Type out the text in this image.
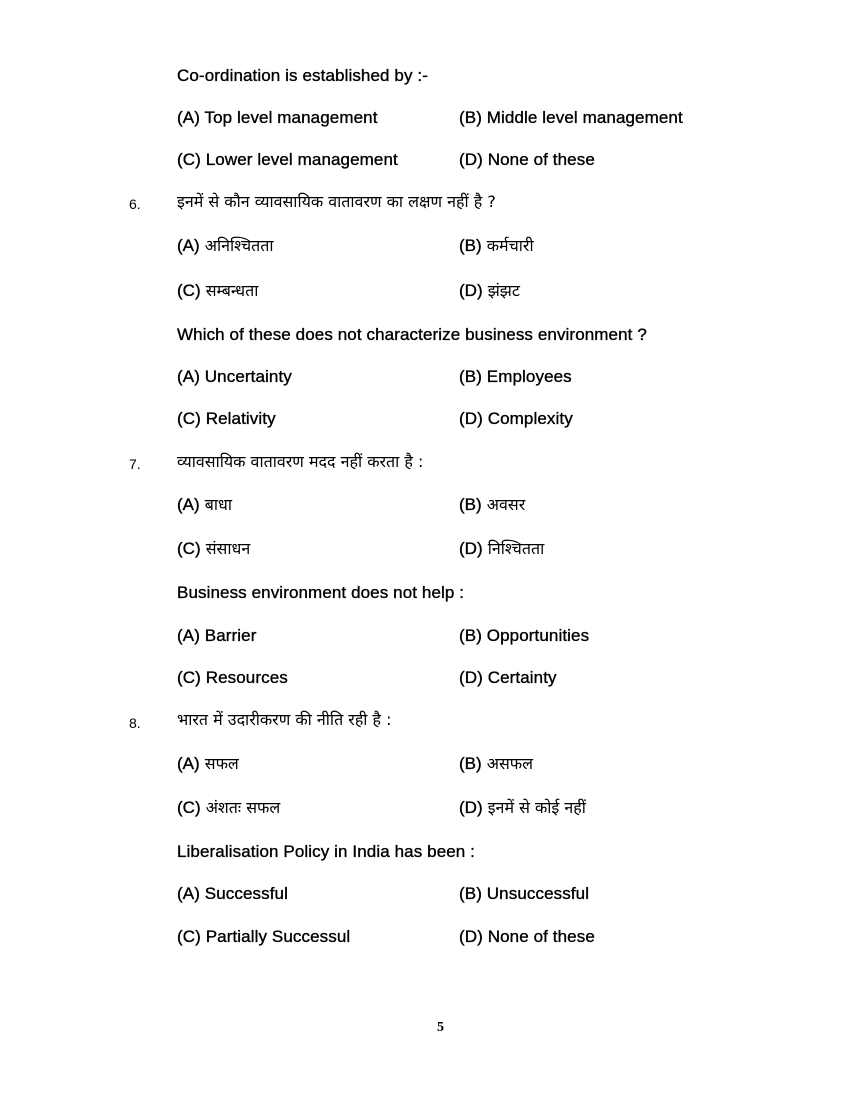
Co-ordination is established by :-
(A) Top level management	(B) Middle level management
(C) Lower level management	(D) None of these
6. इनमें से कौन व्यावसायिक वातावरण का लक्षण नहीं है ?
(A) अनिश्चितता	(B) कर्मचारी
(C) सम्बन्धता	(D) झंझट
Which of these does not characterize business environment ?
(A) Uncertainty	(B) Employees
(C) Relativity	(D) Complexity
7. व्यावसायिक वातावरण मदद नहीं करता है :
(A) बाधा	(B) अवसर
(C) संसाधन	(D) निश्चितता
Business environment does not help :
(A) Barrier	(B) Opportunities
(C) Resources	(D) Certainty
8. भारत में उदारीकरण की नीति रही है :
(A) सफल	(B) असफल
(C) अंशतः सफल	(D) इनमें से कोई नहीं
Liberalisation Policy in India has been :
(A) Successful	(B) Unsuccessful
(C) Partially Successul	(D) None of these
5
